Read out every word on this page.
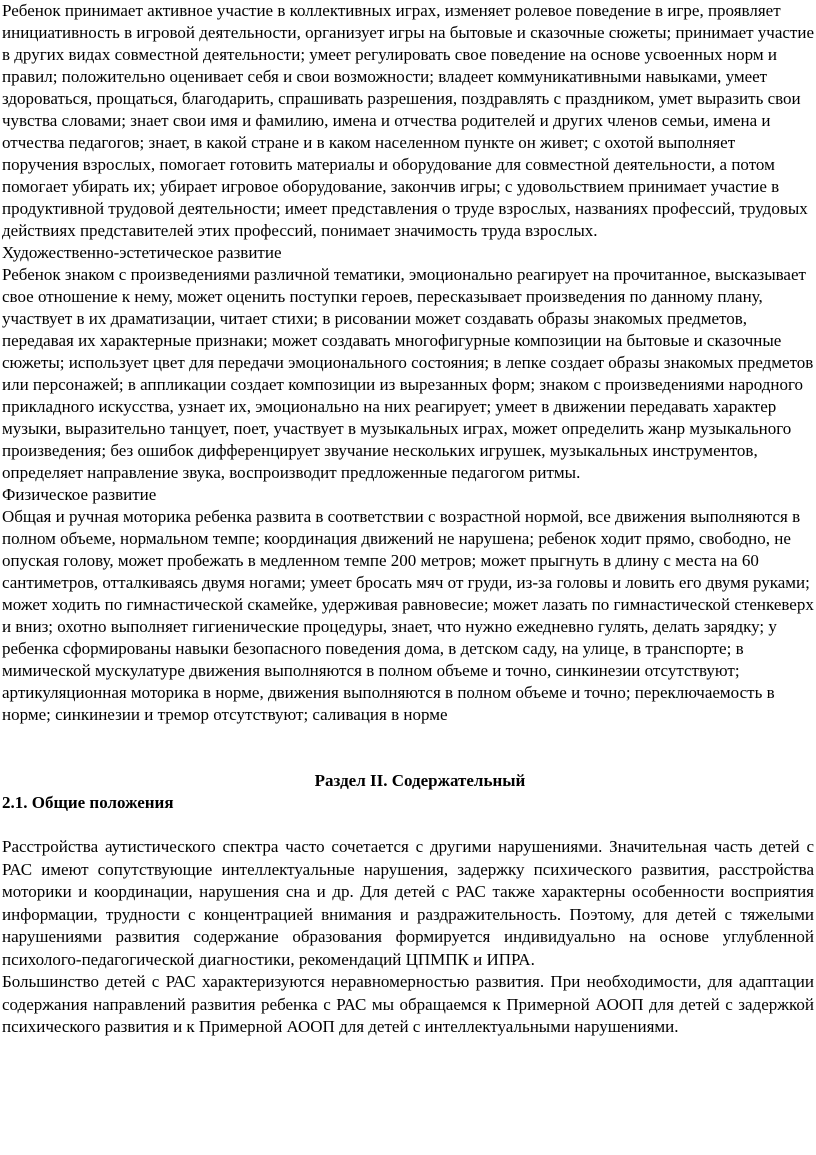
Ребенок принимает активное участие в коллективных играх, изменяет ролевое поведение в игре, проявляет инициативность в игровой деятельности, организует игры на бытовые и сказочные сюжеты; принимает участие в других видах совместной деятельности; умеет регулировать свое поведение на основе усвоенных норм и правил; положительно оценивает себя и свои возможности; владеет коммуникативными навыками, умеет здороваться, прощаться, благодарить, спрашивать разрешения, поздравлять с праздником, умет выразить свои чувства словами; знает свои имя и фамилию, имена и отчества родителей и других членов семьи, имена и отчества педагогов; знает, в какой стране и в каком населенном пункте он живет; с охотой выполняет поручения взрослых, помогает готовить материалы и оборудование для совместной деятельности, а потом помогает убирать их; убирает игровое оборудование, закончив игры; с удовольствием принимает участие в продуктивной трудовой деятельности; имеет представления о труде взрослых, названиях профессий, трудовых действиях представителей этих профессий, понимает значимость труда взрослых.

Художественно-эстетическое развитие

Ребенок знаком с произведениями различной тематики, эмоционально реагирует на прочитанное, высказывает свое отношение к нему, может оценить поступки героев, пересказывает произведения по данному плану, участвует в их драматизации, читает стихи; в рисовании может создавать образы знакомых предметов, передавая их характерные признаки; может создавать многофигурные композиции на бытовые и сказочные сюжеты; использует цвет для передачи эмоционального состояния; в лепке создает образы знакомых предметов или персонажей; в аппликации создает композиции из вырезанных форм; знаком с произведениями народного прикладного искусства, узнает их, эмоционально на них реагирует; умеет в движении передавать характер музыки, выразительно танцует, поет, участвует в музыкальных играх, может определить жанр музыкального произведения; без ошибок дифференцирует звучание нескольких игрушек, музыкальных инструментов, определяет направление звука, воспроизводит предложенные педагогом ритмы.

Физическое развитие

Общая и ручная моторика ребенка развита в соответствии с возрастной нормой, все движения выполняются в полном объеме, нормальном темпе; координация движений не нарушена; ребенок ходит прямо, свободно, не опуская голову, может пробежать в медленном темпе 200 метров; может прыгнуть в длину с места на 60 сантиметров, отталкиваясь двумя ногами; умеет бросать мяч от груди, из-за головы и ловить его двумя руками; может ходить по гимнастической скамейке, удерживая равновесие; может лазать по гимнастической стенкеверх и вниз; охотно выполняет гигиенические процедуры, знает, что нужно ежедневно гулять, делать зарядку; у ребенка сформированы навыки безопасного поведения дома, в детском саду, на улице, в транспорте; в мимической мускулатуре движения выполняются в полном объеме и точно, синкинезии отсутствуют; артикуляционная моторика в норме, движения выполняются в полном объеме и точно; переключаемость в норме; синкинезии и тремор отсутствуют; саливация в норме

Раздел II. Содержательный

2.1. Общие положения

Расстройства аутистического спектра часто сочетается с другими нарушениями. Значительная часть детей с РАС имеют сопутствующие интеллектуальные нарушения, задержку психического развития, расстройства моторики и координации, нарушения сна и др. Для детей с РАС также характерны особенности восприятия информации, трудности с концентрацией внимания и раздражительность. Поэтому, для детей с тяжелыми нарушениями развития содержание образования формируется индивидуально на основе углубленной психолого-педагогической диагностики, рекомендаций ЦПМПК и ИПРА.

Большинство детей с РАС характеризуются неравномерностью развития. При необходимости, для адаптации содержания направлений развития ребенка с РАС мы обращаемся к Примерной АООП для детей с задержкой психического развития и к Примерной АООП для детей с интеллектуальными нарушениями.
